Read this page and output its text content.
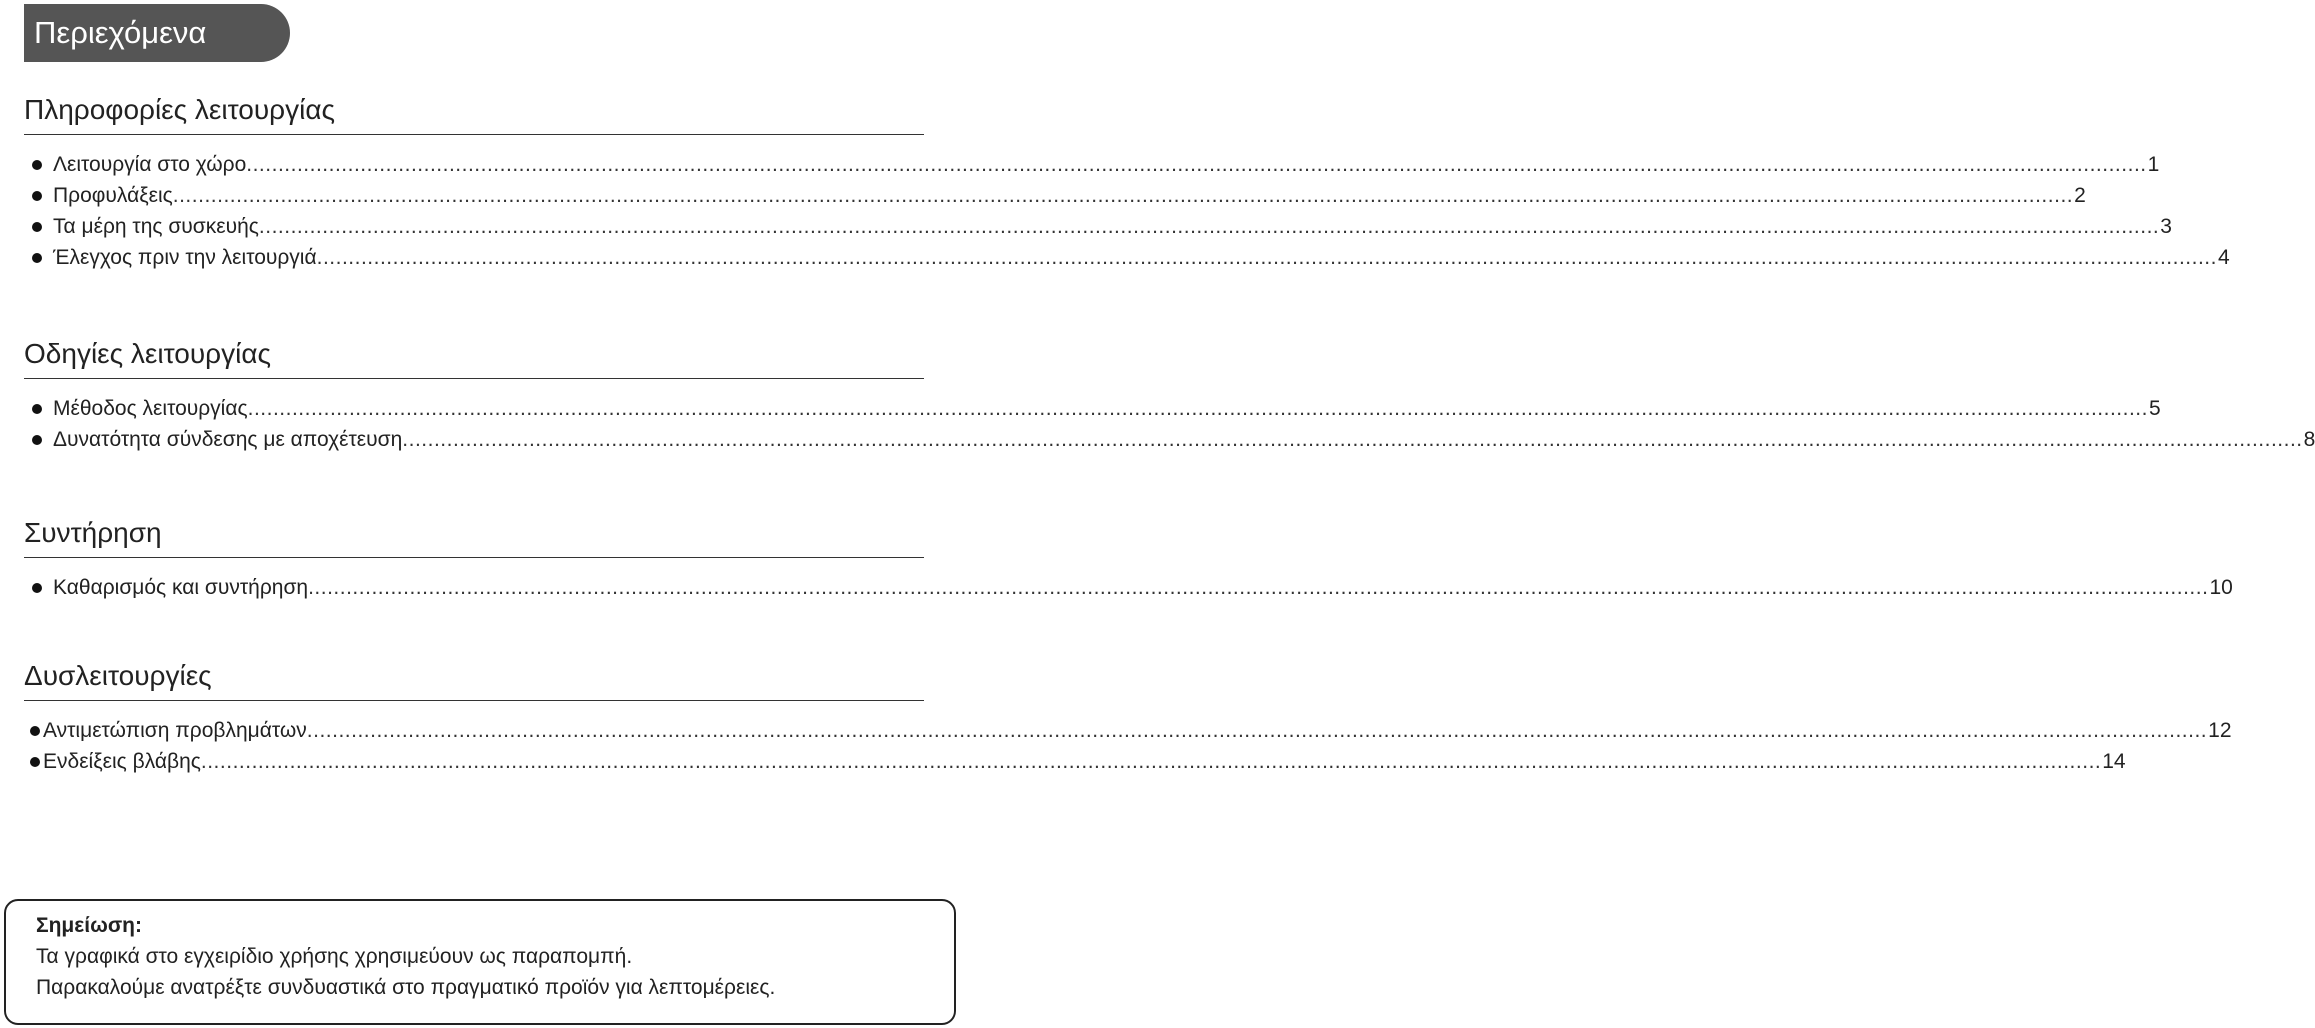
Περιεχόμενα
Πληροφορίες λειτουργίας
Λειτουργία στο χώρο ............................................................................................................................................................................................................................................................................................................ 1
Προφυλάξεις ............................................................................................................................................................................................................................................................................................................ 2
Τα μέρη της συσκευής ............................................................................................................................................................................................................................................................................................................ 3
Έλεγχος πριν την λειτουργιά ............................................................................................................................................................................................................................................................................................................ 4
Οδηγίες λειτουργίας
Μέθοδος λειτουργίας ............................................................................................................................................................................................................................................................................................................ 5
Δυνατότητα σύνδεσης με αποχέτευση ............................................................................................................................................................................................................................................................................................................ 8
Συντήρηση
Καθαρισμός και συντήρηση ............................................................................................................................................................................................................................................................................................................ 10
Δυσλειτουργίες
Αντιμετώπιση προβλημάτων ............................................................................................................................................................................................................................................................................................................ 12
Ενδείξεις βλάβης ............................................................................................................................................................................................................................................................................................................ 14
Σημείωση:
Τα γραφικά στο εγχειρίδιο χρήσης χρησιμεύουν ως παραπομπή.
Παρακαλούμε ανατρέξτε συνδυαστικά στο πραγματικό προϊόν για λεπτομέρειες.
